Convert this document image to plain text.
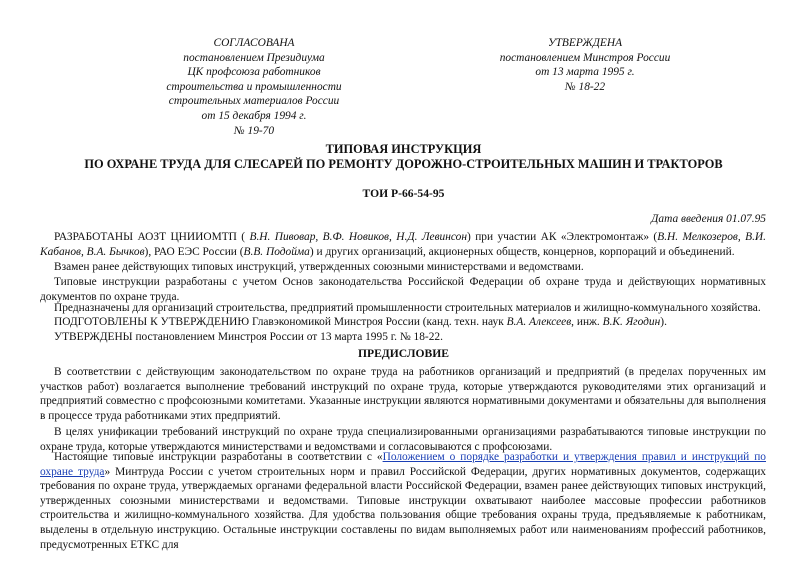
СОГЛАСОВАНА
постановлением Президиума
ЦК профсоюза работников
строительства и промышленности
строительных материалов России
от 15 декабря 1994 г.
№ 19-70
УТВЕРЖДЕНА
постановлением Минстроя России
от 13 марта 1995 г.
№ 18-22
ТИПОВАЯ ИНСТРУКЦИЯ
ПО ОХРАНЕ ТРУДА ДЛЯ СЛЕСАРЕЙ ПО РЕМОНТУ ДОРОЖНО-СТРОИТЕЛЬНЫХ МАШИН И ТРАКТОРОВ
ТОИ Р-66-54-95
Дата введения 01.07.95
РАЗРАБОТАНЫ АОЗТ ЦНИИОМТП ( В.Н. Пивовар, В.Ф. Новиков, Н.Д. Левинсон) при участии АК «Электромонтаж» (В.Н. Мелкозеров, В.И. Кабанов, В.А. Бычков), РАО ЕЭС России (В.В. Подойма) и других организаций, акционерных обществ, концернов, корпораций и объединений.
Взамен ранее действующих типовых инструкций, утвержденных союзными министерствами и ведомствами.
Типовые инструкции разработаны с учетом Основ законодательства Российской Федерации об охране труда и действующих нормативных документов по охране труда.
Предназначены для организаций строительства, предприятий промышленности строительных материалов и жилищно-коммунального хозяйства.
ПОДГОТОВЛЕНЫ К УТВЕРЖДЕНИЮ Главэкономикой Минстроя России (канд. техн. наук В.А. Алексеев, инж. В.К. Ягодин).
УТВЕРЖДЕНЫ постановлением Минстроя России от 13 марта 1995 г. № 18-22.
ПРЕДИСЛОВИЕ
В соответствии с действующим законодательством по охране труда на работников организаций и предприятий (в пределах порученных им участков работ) возлагается выполнение требований инструкций по охране труда, которые утверждаются руководителями этих организаций и предприятий совместно с профсоюзными комитетами. Указанные инструкции являются нормативными документами и обязательны для выполнения в процессе труда работниками этих предприятий.
В целях унификации требований инструкций по охране труда специализированными организациями разрабатываются типовые инструкции по охране труда, которые утверждаются министерствами и ведомствами и согласовываются с профсоюзами.
Настоящие типовые инструкции разработаны в соответствии с «Положением о порядке разработки и утверждения правил и инструкций по охране труда» Минтруда России с учетом строительных норм и правил Российской Федерации, других нормативных документов, содержащих требования по охране труда, утверждаемых органами федеральной власти Российской Федерации, взамен ранее действующих типовых инструкций, утвержденных союзными министерствами и ведомствами. Типовые инструкции охватывают наиболее массовые профессии работников строительства и жилищно-коммунального хозяйства. Для удобства пользования общие требования охраны труда, предъявляемые к работникам, выделены в отдельную инструкцию. Остальные инструкции составлены по видам выполняемых работ или наименованиям профессий работников, предусмотренных ЕТКС для
